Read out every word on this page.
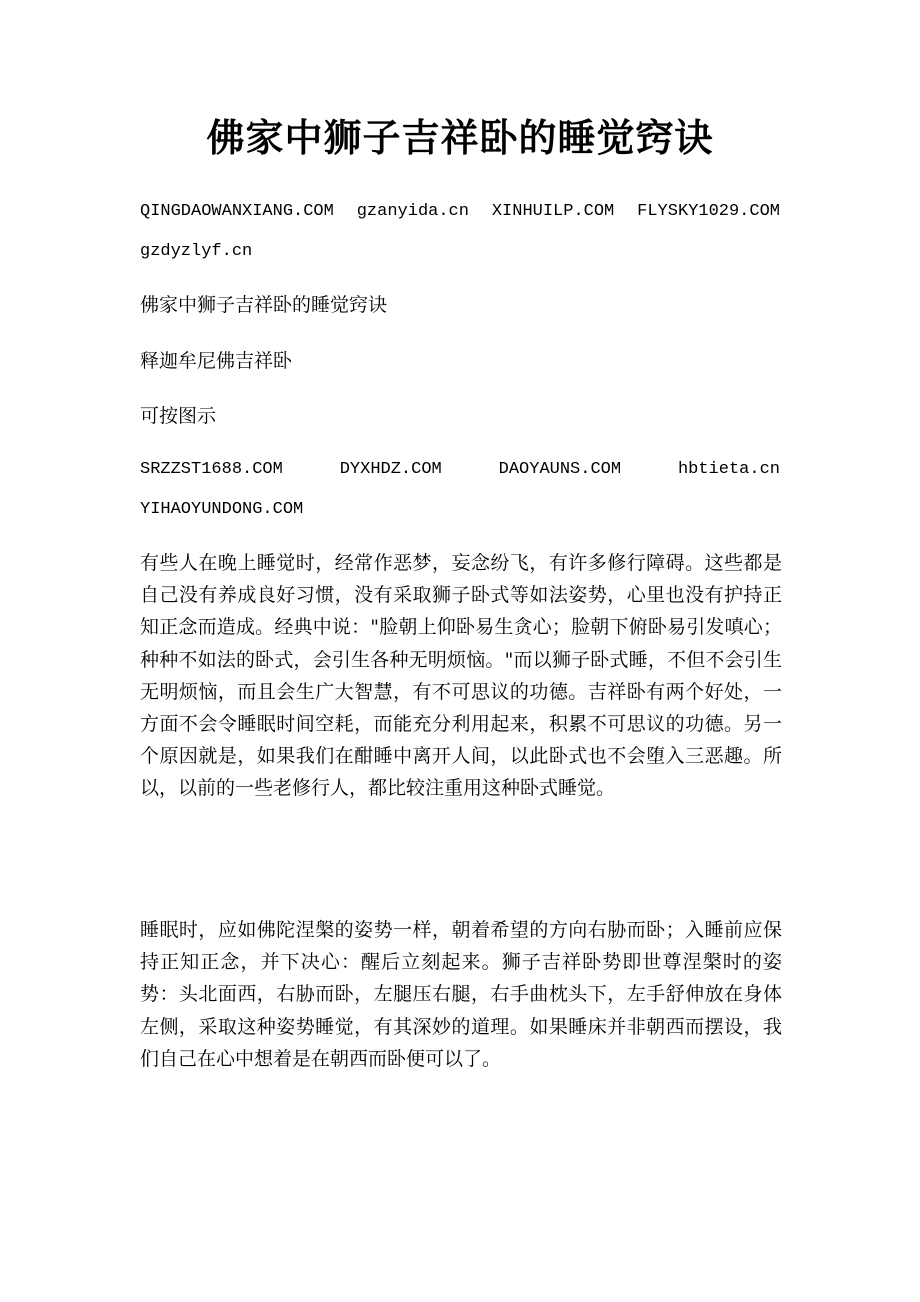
佛家中狮子吉祥卧的睡觉窍诀
QINGDAOWANXIANG.COM gzanyida.cn XINHUILP.COM FLYSKY1029.COM
gzdyzlyf.cn
佛家中狮子吉祥卧的睡觉窍诀
释迦牟尼佛吉祥卧
可按图示
SRZZST1688.COM	DYXHDZ.COM	DAOYAUNS.COM	hbtieta.cn
YIHAOYUNDONG.COM

有些人在晚上睡觉时，经常作恶梦，妄念纷飞，有许多修行障碍。这些都是自己没有养成良好习惯，没有采取狮子卧式等如法姿势，心里也没有护持正知正念而造成。经典中说："脸朝上仰卧易生贪心；脸朝下俯卧易引发嗔心；种种不如法的卧式，会引生各种无明烦恼。"而以狮子卧式睡，不但不会引生无明烦恼，而且会生广大智慧，有不可思议的功德。吉祥卧有两个好处，一方面不会令睡眠时间空耗，而能充分利用起来，积累不可思议的功德。另一个原因就是，如果我们在酣睡中离开人间，以此卧式也不会堕入三恶趣。所以，以前的一些老修行人，都比较注重用这种卧式睡觉。

睡眠时，应如佛陀涅槃的姿势一样，朝着希望的方向右胁而卧；入睡前应保持正知正念，并下决心：醒后立刻起来。狮子吉祥卧势即世尊涅槃时的姿势：头北面西，右胁而卧，左腿压右腿，右手曲枕头下，左手舒伸放在身体左侧，采取这种姿势睡觉，有其深妙的道理。如果睡床并非朝西而摆设，我们自己在心中想着是在朝西而卧便可以了。
